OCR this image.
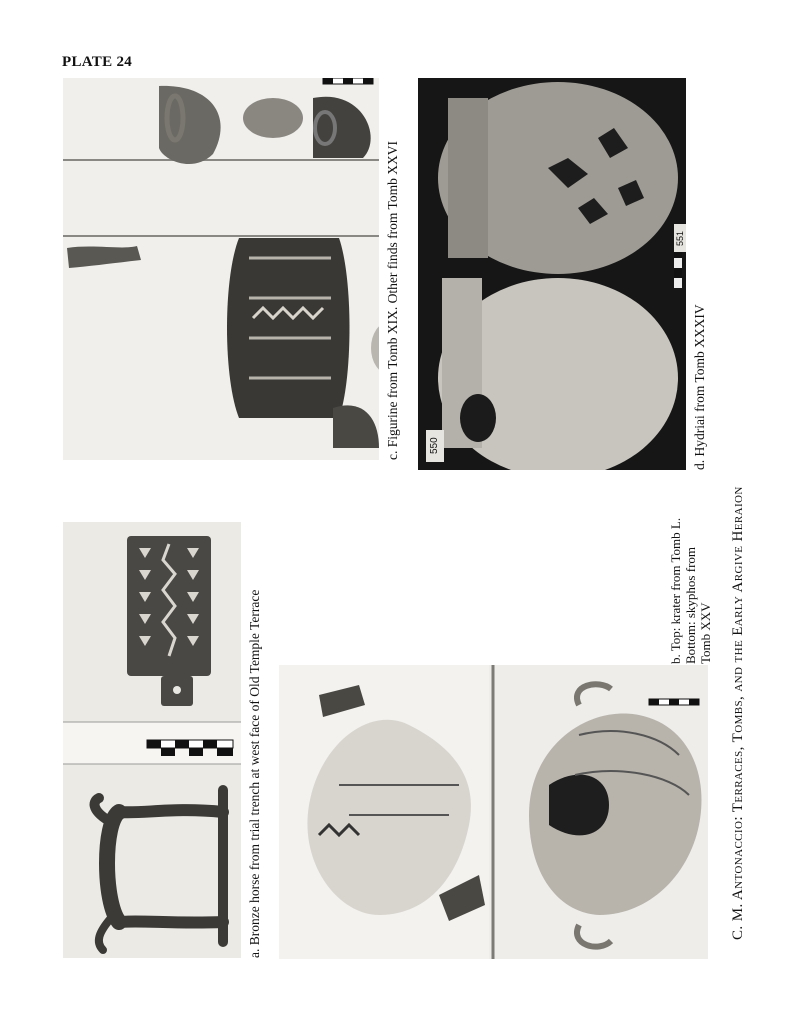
PLATE 24
a. Bronze horse from trial trench at west face of Old Temple Terrace
c. Figurine from Tomb XIX. Other finds from Tomb XXVI	550
551
d. Hydriai from Tomb XXXIV
b. Top: krater from Tomb L.
Bottom: skyphos from
Tomb XXV C. M. Antonaccio: Terraces, Tombs, and the Early Argive Heraion
